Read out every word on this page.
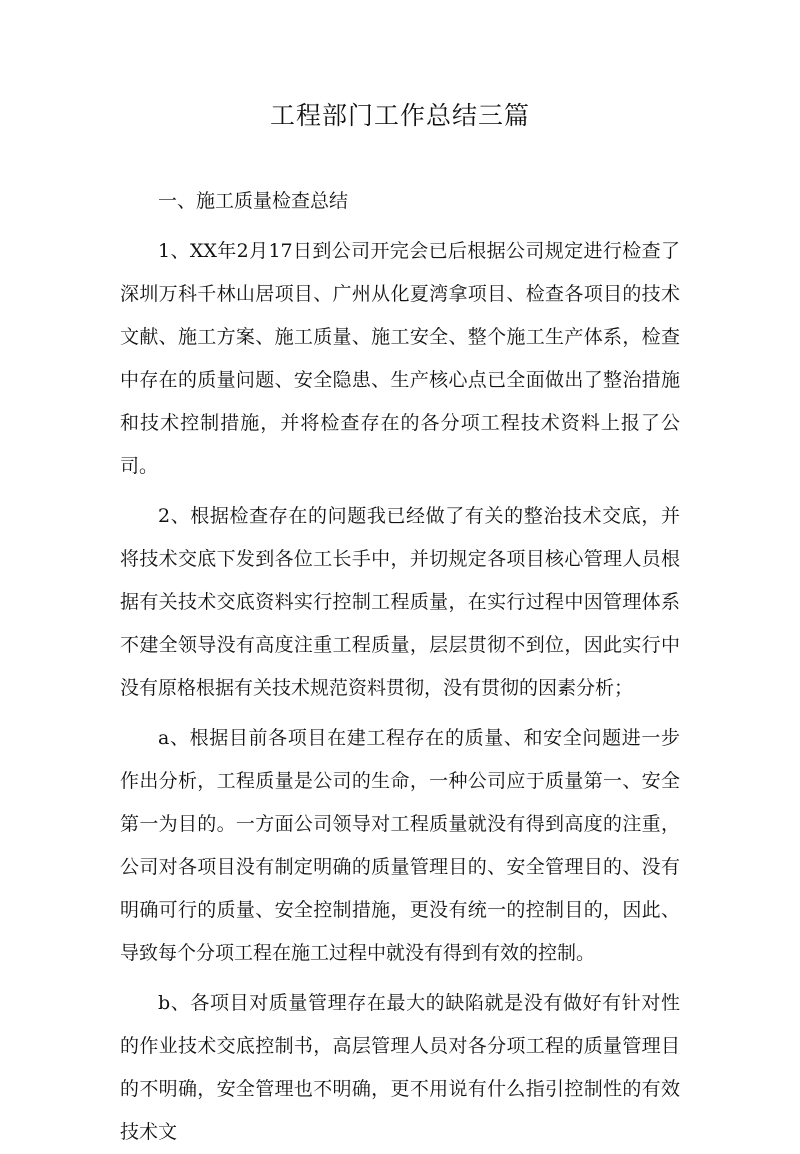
工程部门工作总结三篇

一、施工质量检查总结

1、XX年2月17日到公司开完会已后根据公司规定进行检查了深圳万科千林山居项目、广州从化夏湾拿项目、检查各项目的技术文献、施工方案、施工质量、施工安全、整个施工生产体系，检查中存在的质量问题、安全隐患、生产核心点已全面做出了整治措施和技术控制措施，并将检查存在的各分项工程技术资料上报了公司。

2、根据检查存在的问题我已经做了有关的整治技术交底，并将技术交底下发到各位工长手中，并切规定各项目核心管理人员根据有关技术交底资料实行控制工程质量，在实行过程中因管理体系不建全领导没有高度注重工程质量，层层贯彻不到位，因此实行中没有原格根据有关技术规范资料贯彻，没有贯彻的因素分析；

a、根据目前各项目在建工程存在的质量、和安全问题进一步作出分析，工程质量是公司的生命，一种公司应于质量第一、安全第一为目的。一方面公司领导对工程质量就没有得到高度的注重，公司对各项目没有制定明确的质量管理目的、安全管理目的、没有明确可行的质量、安全控制措施，更没有统一的控制目的，因此、导致每个分项工程在施工过程中就没有得到有效的控制。

b、各项目对质量管理存在最大的缺陷就是没有做好有针对性的作业技术交底控制书，高层管理人员对各分项工程的质量管理目的不明确，安全管理也不明确，更不用说有什么指引控制性的有效技术文
